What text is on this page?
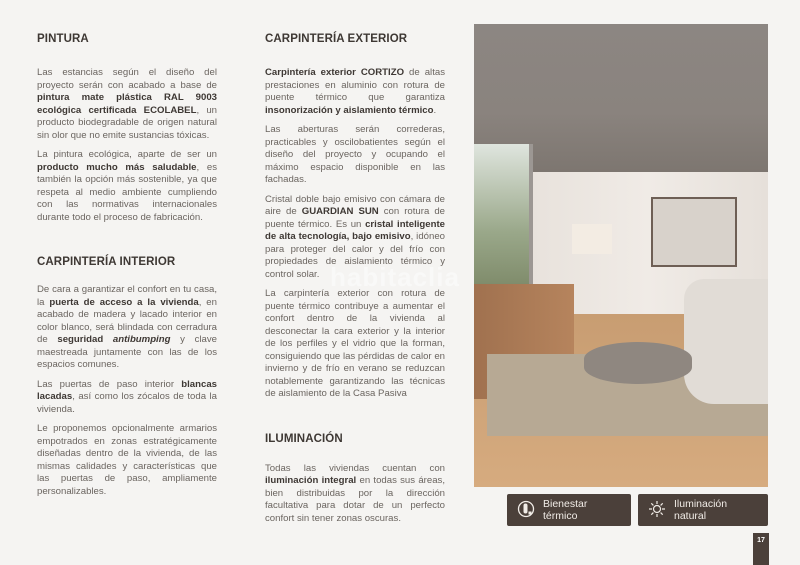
PINTURA

Las estancias según el diseño del proyecto serán con acabado a base de pintura mate plástica RAL 9003 ecológica certificada ECOLABEL, un producto biodegradable de origen natural sin olor que no emite sustancias tóxicas.

La pintura ecológica, aparte de ser un producto mucho más saludable, es también la opción más sostenible, ya que respeta al medio ambiente cumpliendo con las normativas internacionales durante todo el proceso de fabricación.

CARPINTERÍA INTERIOR

De cara a garantizar el confort en tu casa, la puerta de acceso a la vivienda, en acabado de madera y lacado interior en color blanco, será blindada con cerradura de seguridad antibumping y clave maestreada juntamente con las de los espacios comunes.

Las puertas de paso interior blancas lacadas, así como los zócalos de toda la vivienda.

Le proponemos opcionalmente armarios empotrados en zonas estratégicamente diseñadas dentro de la vivienda, de las mismas calidades y características que las puertas de paso, ampliamente personalizables.

CARPINTERÍA EXTERIOR

Carpintería exterior CORTIZO de altas prestaciones en aluminio con rotura de puente térmico que garantiza insonorización y aislamiento térmico.

Las aberturas serán correderas, practicables y oscilobatientes según el diseño del proyecto y ocupando el máximo espacio disponible en las fachadas.

Cristal doble bajo emisivo con cámara de aire de GUARDIAN SUN con rotura de puente térmico. Es un cristal inteligente de alta tecnología, bajo emisivo, idóneo para proteger del calor y del frío con propiedades de aislamiento térmico y control solar.

La carpintería exterior con rotura de puente térmico contribuye a aumentar el confort dentro de la vivienda al desconectar la cara exterior y la interior de los perfiles y el vidrio que la forman, consiguiendo que las pérdidas de calor en invierno y de frío en verano se reduzcan notablemente garantizando las técnicas de aislamiento de la Casa Pasiva

ILUMINACIÓN

Todas las viviendas cuentan con iluminación integral en todas sus áreas, bien distribuidas por la dirección facultativa para dotar de un perfecto confort sin tener zonas oscuras.

habitaclia
Bienestar térmico
Iluminación natural
17
